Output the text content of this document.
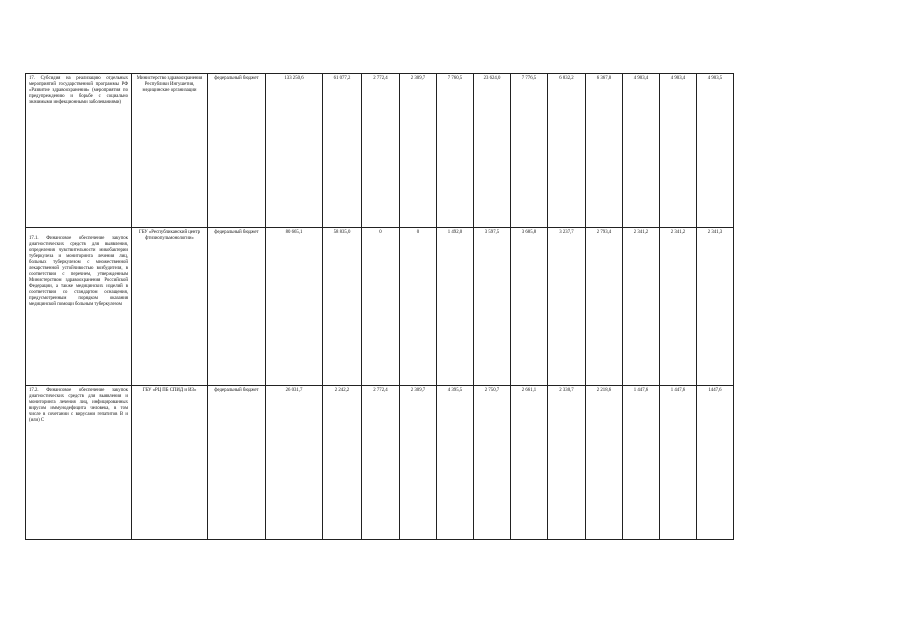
17. Субсидия на реализацию отдельных мероприятий государственной программы РФ «Развитие здравоохранения» (мероприятия по предупреждению и борьбе с социально значимыми инфекционными заболеваниями)	Министерство здравоохранения Республики Ингушетия, медицинские организации	федеральный бюджет	133 250,6	61 077,2	2 772,4	2 309,7	7 760,5	23 624,0	7 776,5	6 832,2	6 367,8	4 903,4	4 903,4	4 903,5
17.1. Финансовое обеспечение закупок диагностических средств для выявления, определения чувствительности микобактерии туберкулеза и мониторинга лечения лиц, больных туберкулезом с множественной лекарственной устойчивостью возбудителя, в соответствии с перечнем, утвержденным Министерством здравоохранения Российской Федерации, а также медицинских изделий в соответствии со стандартом оснащения, предусмотренным порядком оказания медицинской помощи больным туберкулезом	ГБУ «Республиканский центр фтизиопульмонологии»	федеральный бюджет	80 665,1	58 835,0	0	0	1 492,0	3 597,5	3 685,8	3 237,7	2 793,4	2 341,2	2 341,2	2 341,3
17.2. Финансовое обеспечение закупок диагностических средств для выявления и мониторинга лечения лиц, инфицированных вирусом иммунодефицита человека, в том числе в сочетании с вирусами гепатитов В и (или) С	ГБУ «РЦ ПБ СПИД и ИЗ»	федеральный бюджет	26 031,7	2 242,2	2 772,4	2 309,7	4 395,5	2 750,7	2 661,1	2 330,7	2 218,6	1 447,6	1 447,6	1447,6
